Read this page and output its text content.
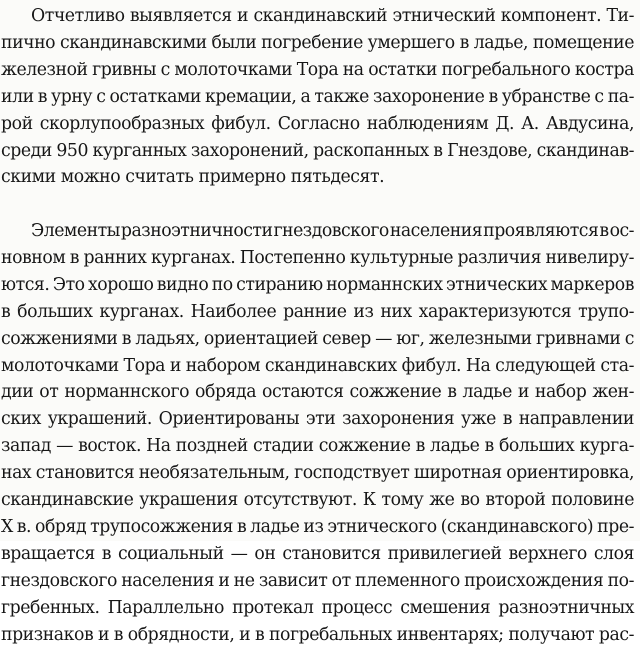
Отчетливо выявляется и скандинавский этнический компонент. Ти-
пично скандинавскими были погребение умершего в ладье, помещение
железной гривны с молоточками Тора на остатки погребального костра
или в урну с остатками кремации, а также захоронение в убранстве с па-
рой скорлупообразных фибул. Согласно наблюдениям Д. А. Авдусина,
среди 950 курганных захоронений, раскопанных в Гнездове, скандинав-
скими можно считать примерно пятьдесят.
Элементы разноэтничности гнездовского населения проявляются в ос-
новном в ранних курганах. Постепенно культурные различия нивелиру-
ются. Это хорошо видно по стиранию норманнских этнических маркеров
в больших курганах. Наиболее ранние из них характеризуются трупо-
сожжениями в ладьях, ориентацией север — юг, железными гривнами с
молоточками Тора и набором скандинавских фибул. На следующей ста-
дии от норманнского обряда остаются сожжение в ладье и набор жен-
ских украшений. Ориентированы эти захоронения уже в направлении
запад — восток. На поздней стадии сожжение в ладье в больших курга-
нах становится необязательным, господствует широтная ориентировка,
скандинавские украшения отсутствуют. К тому же во второй половине
X в. обряд трупосожжения в ладье из этнического (скандинавского) пре-
вращается в социальный — он становится привилегией верхнего слоя
гнездовского населения и не зависит от племенного происхождения по-
гребенных. Параллельно протекал процесс смешения разноэтничных
признаков и в обрядности, и в погребальных инвентарях; получают рас-
